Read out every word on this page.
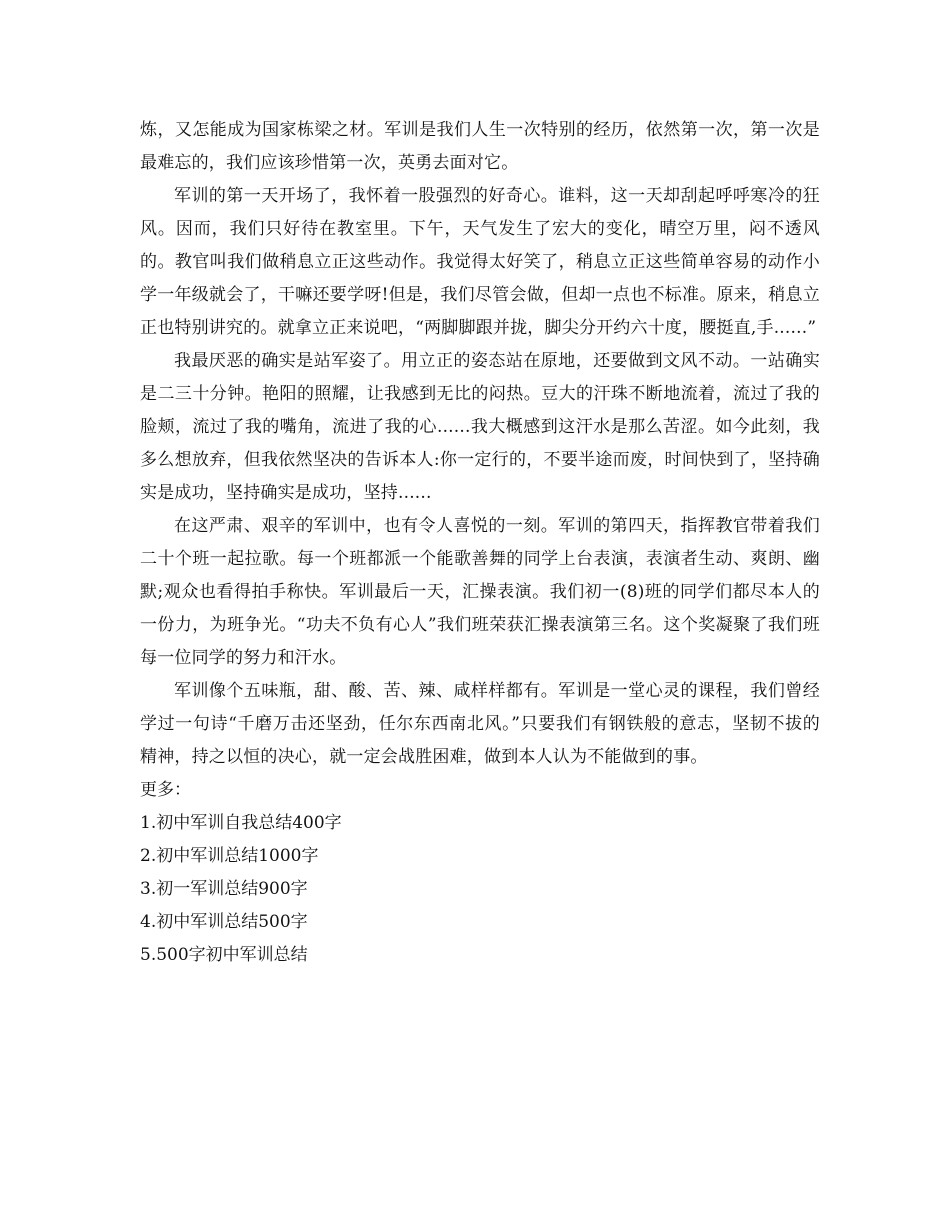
炼，又怎能成为国家栋梁之材。军训是我们人生一次特别的经历，依然第一次，第一次是最难忘的，我们应该珍惜第一次，英勇去面对它。

军训的第一天开场了，我怀着一股强烈的好奇心。谁料，这一天却刮起呼呼寒冷的狂风。因而，我们只好待在教室里。下午，天气发生了宏大的变化，晴空万里，闷不透风的。教官叫我们做稍息立正这些动作。我觉得太好笑了，稍息立正这些简单容易的动作小学一年级就会了，干嘛还要学呀!但是，我们尽管会做，但却一点也不标准。原来，稍息立正也特别讲究的。就拿立正来说吧，“两脚脚跟并拢，脚尖分开约六十度，腰挺直,手......”

我最厌恶的确实是站军姿了。用立正的姿态站在原地，还要做到文风不动。一站确实是二三十分钟。艳阳的照耀，让我感到无比的闷热。豆大的汗珠不断地流着，流过了我的脸颊，流过了我的嘴角，流进了我的心......我大概感到这汗水是那么苦涩。如今此刻，我多么想放弃，但我依然坚决的告诉本人:你一定行的，不要半途而废，时间快到了，坚持确实是成功，坚持确实是成功，坚持......

在这严肃、艰辛的军训中，也有令人喜悦的一刻。军训的第四天，指挥教官带着我们二十个班一起拉歌。每一个班都派一个能歌善舞的同学上台表演，表演者生动、爽朗、幽默;观众也看得拍手称快。军训最后一天，汇操表演。我们初一(8)班的同学们都尽本人的一份力，为班争光。“功夫不负有心人”我们班荣获汇操表演第三名。这个奖凝聚了我们班每一位同学的努力和汗水。

军训像个五味瓶，甜、酸、苦、辣、咸样样都有。军训是一堂心灵的课程，我们曾经学过一句诗“千磨万击还坚劲，任尔东西南北风。”只要我们有钢铁般的意志，坚韧不拔的精神，持之以恒的决心，就一定会战胜困难，做到本人认为不能做到的事。

更多：

1.初中军训自我总结400字
2.初中军训总结1000字
3.初一军训总结900字
4.初中军训总结500字
5.500字初中军训总结
